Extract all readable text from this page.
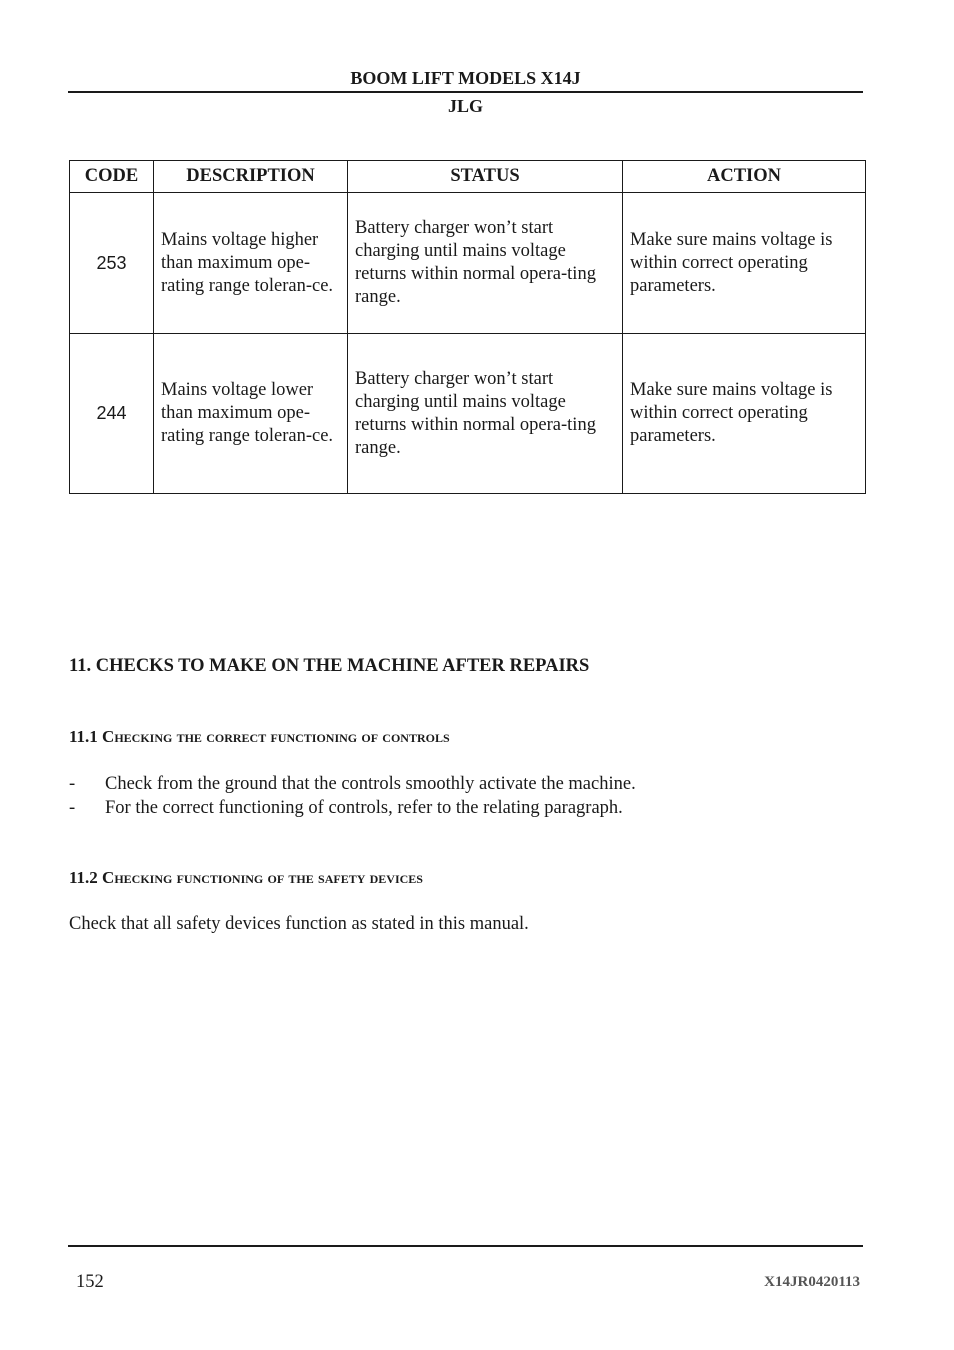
BOOM LIFT MODELS X14J
JLG
CODE	DESCRIPTION	STATUS	ACTION
253	Mains voltage higher than maximum ope-rating range toleran-ce.	Battery charger won’t start charging until mains voltage returns within normal opera-ting range.	Make sure mains voltage is within correct operating parameters.
244	Mains voltage lower than maximum ope-rating range toleran-ce.	Battery charger won’t start charging until mains voltage returns within normal opera-ting range.	Make sure mains voltage is within correct operating parameters.
11. CHECKS TO MAKE ON THE MACHINE AFTER REPAIRS
11.1 Checking the correct functioning of controls
-	Check from the ground that the controls smoothly activate the machine.
-	For the correct functioning of controls, refer to the relating paragraph.
11.2 Checking functioning of the safety devices
Check that all safety devices function as stated in this manual.
152	X14JR0420113
